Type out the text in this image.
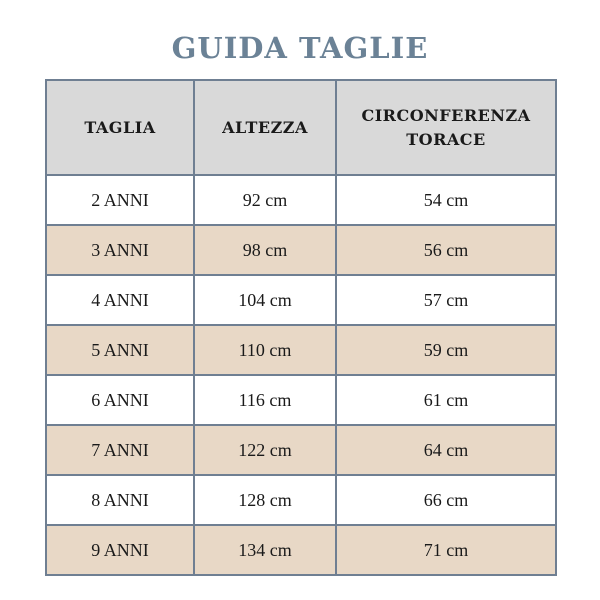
GUIDA TAGLIE
TAGLIA	ALTEZZA	CIRCONFERENZA
TORACE
2 ANNI	92 cm	54 cm
3 ANNI	98 cm	56 cm
4 ANNI	104 cm	57 cm
5 ANNI	110 cm	59 cm
6 ANNI	116 cm	61 cm
7 ANNI	122 cm	64 cm
8 ANNI	128 cm	66 cm
9 ANNI	134 cm	71 cm
